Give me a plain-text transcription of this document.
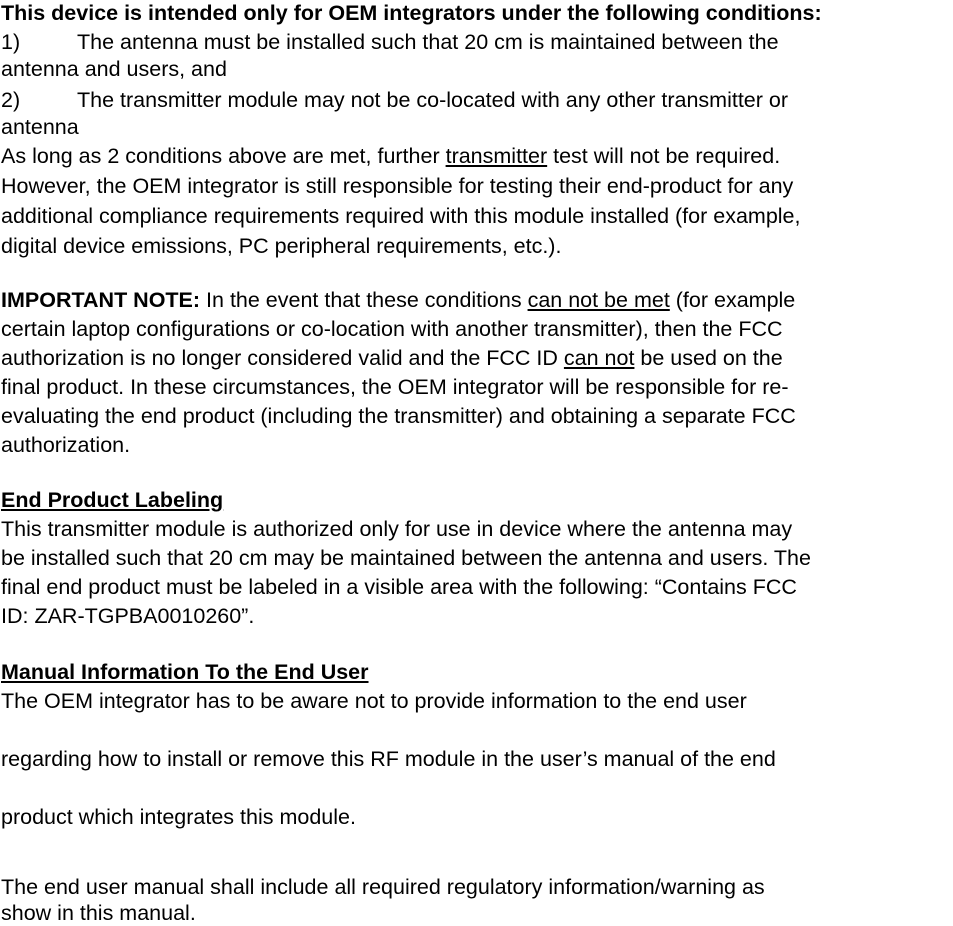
This device is intended only for OEM integrators under the following conditions:
1)	The antenna must be installed such that 20 cm is maintained between the
antenna and users, and
2)	The transmitter module may not be co-located with any other transmitter or
antenna
As long as 2 conditions above are met, further transmitter test will not be required.
However, the OEM integrator is still responsible for testing their end-product for any
additional compliance requirements required with this module installed (for example,
digital device emissions, PC peripheral requirements, etc.).
IMPORTANT NOTE: In the event that these conditions can not be met (for example
certain laptop configurations or co-location with another transmitter), then the FCC
authorization is no longer considered valid and the FCC ID can not be used on the
final product. In these circumstances, the OEM integrator will be responsible for re-
evaluating the end product (including the transmitter) and obtaining a separate FCC
authorization.
End Product Labeling
This transmitter module is authorized only for use in device where the antenna may
be installed such that 20 cm may be maintained between the antenna and users. The
final end product must be labeled in a visible area with the following: “Contains FCC
ID: ZAR-TGPBA0010260”.
Manual Information To the End User
The OEM integrator has to be aware not to provide information to the end user
regarding how to install or remove this RF module in the user’s manual of the end
product which integrates this module.
The end user manual shall include all required regulatory information/warning as
show in this manual.
